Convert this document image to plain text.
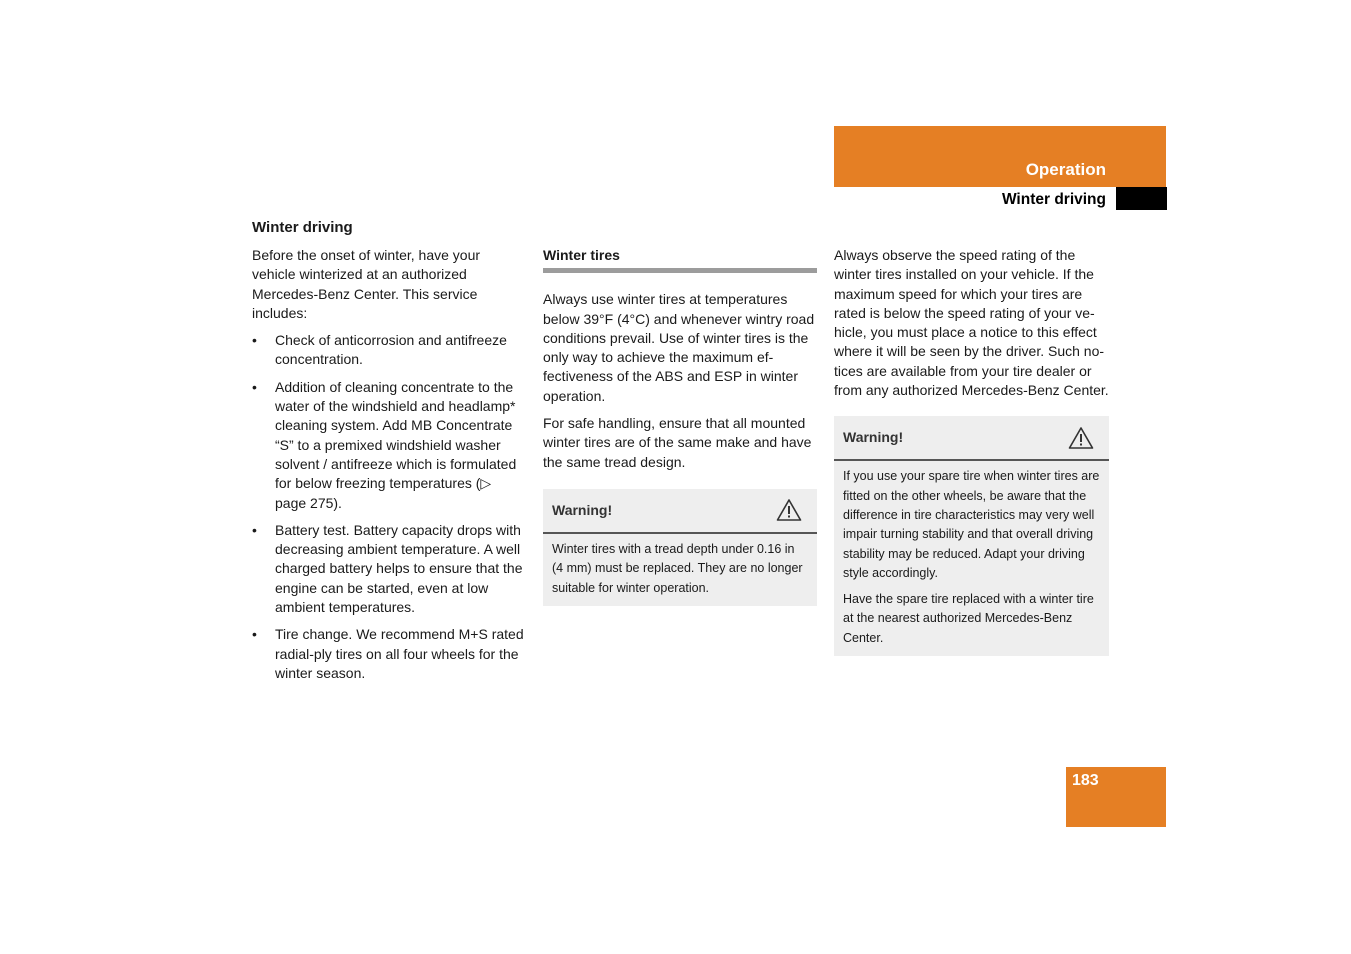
Operation
Winter driving
Winter driving

Before the onset of winter, have your vehicle winterized at an authorized Mercedes-Benz Center. This service includes:

• Check of anticorrosion and antifreeze concentration.
• Addition of cleaning concentrate to the water of the windshield and headlamp* cleaning system. Add MB Concentrate “S” to a premixed windshield washer solvent / antifreeze which is formulated for below freezing temperatures (▷ page 275).
• Battery test. Battery capacity drops with decreasing ambient temperature. A well charged battery helps to ensure that the engine can be started, even at low ambient temperatures.
• Tire change. We recommend M+S rated radial-ply tires on all four wheels for the winter season.
Winter tires

Always use winter tires at temperatures below 39°F (4°C) and whenever wintry road conditions prevail. Use of winter tires is the only way to achieve the maximum effectiveness of the ABS and ESP in winter operation.

For safe handling, ensure that all mounted winter tires are of the same make and have the same tread design.

Warning!

Winter tires with a tread depth under 0.16 in (4 mm) must be replaced. They are no longer suitable for winter operation.

Always observe the speed rating of the winter tires installed on your vehicle. If the maximum speed for which your tires are rated is below the speed rating of your vehicle, you must place a notice to this effect where it will be seen by the driver. Such notices are available from your tire dealer or from any authorized Mercedes-Benz Center.

Warning!

If you use your spare tire when winter tires are fitted on the other wheels, be aware that the difference in tire characteristics may very well impair turning stability and that overall driving stability may be reduced. Adapt your driving style accordingly.

Have the spare tire replaced with a winter tire at the nearest authorized Mercedes-Benz Center.

183
